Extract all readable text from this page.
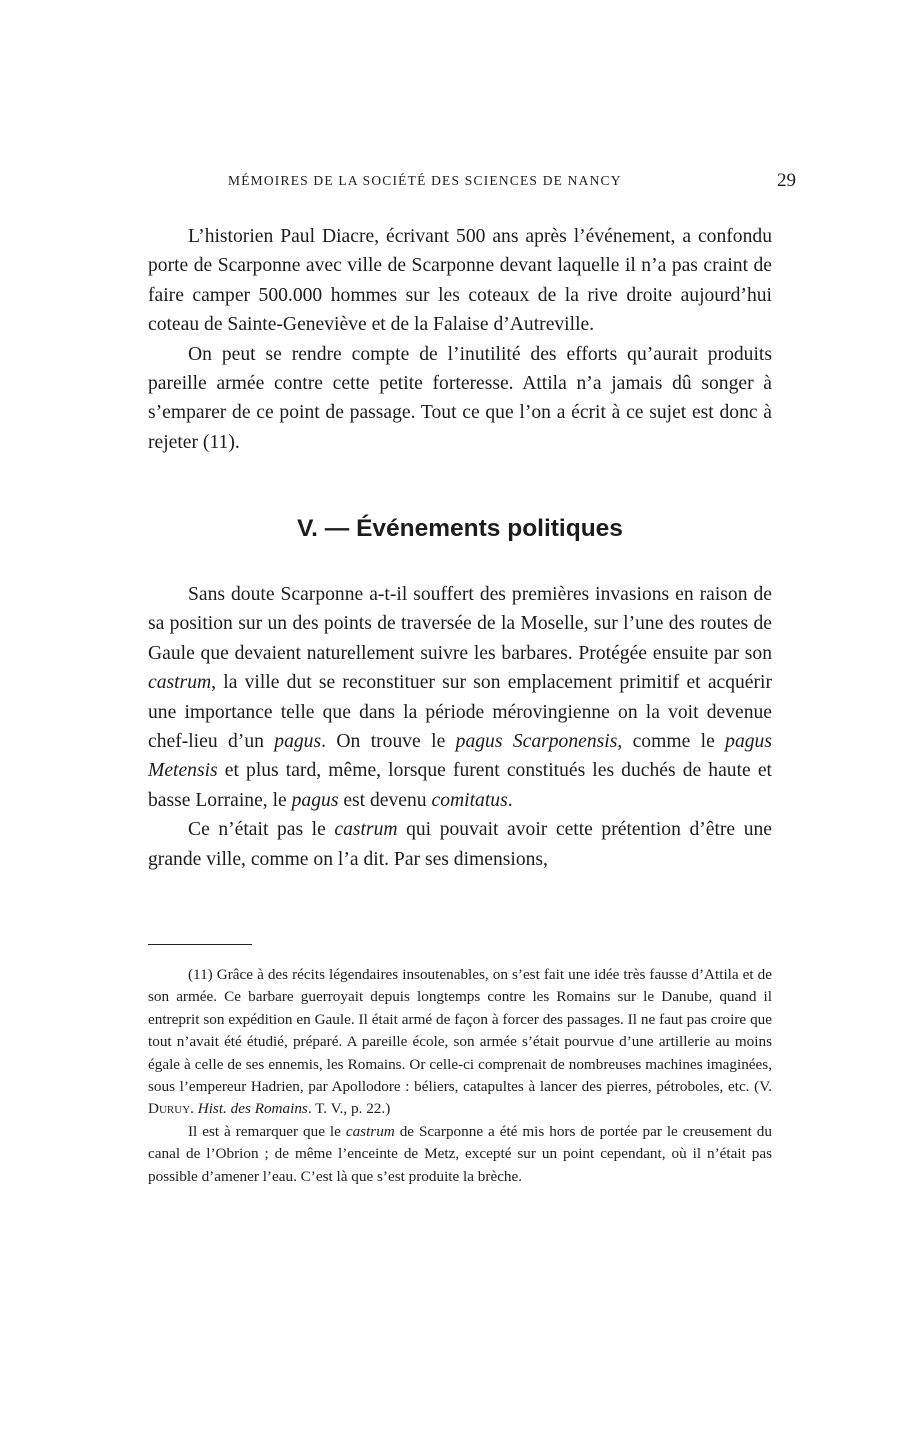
MÉMOIRES DE LA SOCIÉTÉ DES SCIENCES DE NANCY	29

L’historien Paul Diacre, écrivant 500 ans après l’événement, a confondu porte de Scarponne avec ville de Scarponne devant laquelle il n’a pas craint de faire camper 500.000 hommes sur les coteaux de la rive droite aujourd’hui coteau de Sainte-Geneviève et de la Falaise d’Autreville.

On peut se rendre compte de l’inutilité des efforts qu’aurait produits pareille armée contre cette petite forteresse. Attila n’a jamais dû songer à s’emparer de ce point de passage. Tout ce que l’on a écrit à ce sujet est donc à rejeter (11).

V. — Événements politiques

Sans doute Scarponne a-t-il souffert des premières invasions en raison de sa position sur un des points de traversée de la Moselle, sur l’une des routes de Gaule que devaient naturellement suivre les barbares. Protégée ensuite par son castrum, la ville dut se reconstituer sur son emplacement primitif et acquérir une importance telle que dans la période mérovingienne on la voit devenue chef-lieu d’un pagus. On trouve le pagus Scarponensis, comme le pagus Metensis et plus tard, même, lorsque furent constitués les duchés de haute et basse Lorraine, le pagus est devenu comitatus.

Ce n’était pas le castrum qui pouvait avoir cette prétention d’être une grande ville, comme on l’a dit. Par ses dimensions,

(11) Grâce à des récits légendaires insoutenables, on s’est fait une idée très fausse d’Attila et de son armée. Ce barbare guerroyait depuis longtemps contre les Romains sur le Danube, quand il entreprit son expédition en Gaule. Il était armé de façon à forcer des passages. Il ne faut pas croire que tout n’avait été étudié, préparé. A pareille école, son armée s’était pourvue d’une artillerie au moins égale à celle de ses ennemis, les Romains. Or celle-ci comprenait de nombreuses machines imaginées, sous l’empereur Hadrien, par Apollodore : béliers, catapultes à lancer des pierres, pétroboles, etc. (V. Duruy. Hist. des Romains. T. V., p. 22.)

Il est à remarquer que le castrum de Scarponne a été mis hors de portée par le creusement du canal de l’Obrion ; de même l’enceinte de Metz, excepté sur un point cependant, où il n’était pas possible d’amener l’eau. C’est là que s’est produite la brèche.
